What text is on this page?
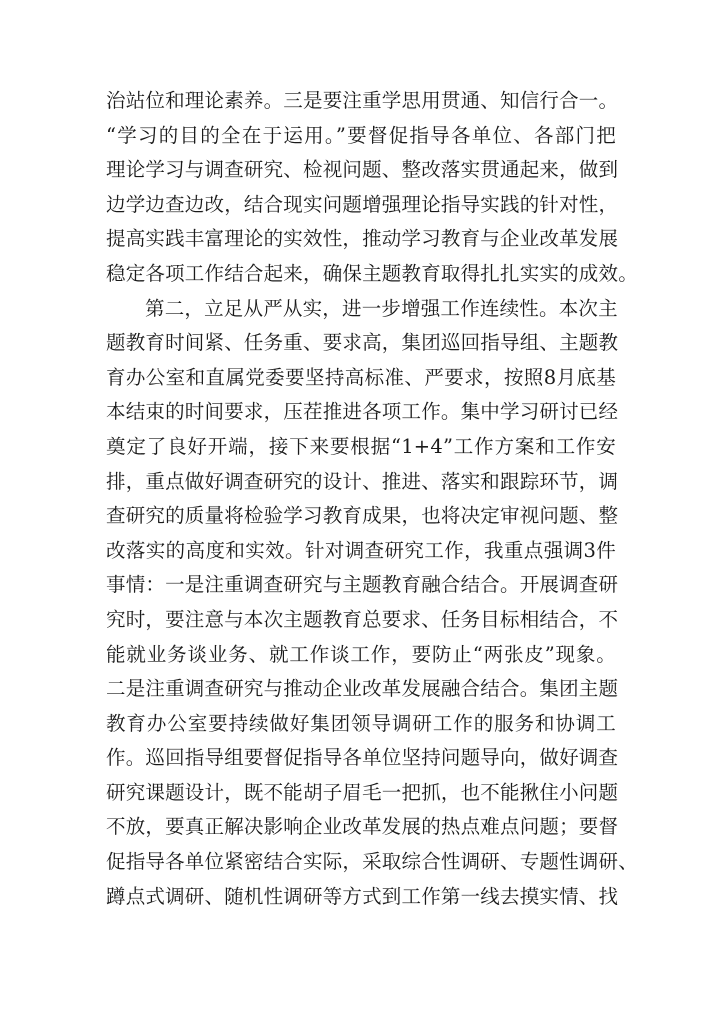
治站位和理论素养。三是要注重学思用贯通、知信行合一。
“学习的目的全在于运用。”要督促指导各单位、各部门把
理论学习与调查研究、检视问题、整改落实贯通起来，做到
边学边查边改，结合现实问题增强理论指导实践的针对性，
提高实践丰富理论的实效性，推动学习教育与企业改革发展
稳定各项工作结合起来，确保主题教育取得扎扎实实的成效。
第二，立足从严从实，进一步增强工作连续性。本次主
题教育时间紧、任务重、要求高，集团巡回指导组、主题教
育办公室和直属党委要坚持高标准、严要求，按照8月底基
本结束的时间要求，压茬推进各项工作。集中学习研讨已经
奠定了良好开端，接下来要根据“1+4”工作方案和工作安
排，重点做好调查研究的设计、推进、落实和跟踪环节，调
查研究的质量将检验学习教育成果，也将决定审视问题、整
改落实的高度和实效。针对调查研究工作，我重点强调3件
事情：一是注重调查研究与主题教育融合结合。开展调查研
究时，要注意与本次主题教育总要求、任务目标相结合，不
能就业务谈业务、就工作谈工作，要防止“两张皮”现象。
二是注重调查研究与推动企业改革发展融合结合。集团主题
教育办公室要持续做好集团领导调研工作的服务和协调工
作。巡回指导组要督促指导各单位坚持问题导向，做好调查
研究课题设计，既不能胡子眉毛一把抓，也不能揪住小问题
不放，要真正解决影响企业改革发展的热点难点问题；要督
促指导各单位紧密结合实际，采取综合性调研、专题性调研、
蹲点式调研、随机性调研等方式到工作第一线去摸实情、找
